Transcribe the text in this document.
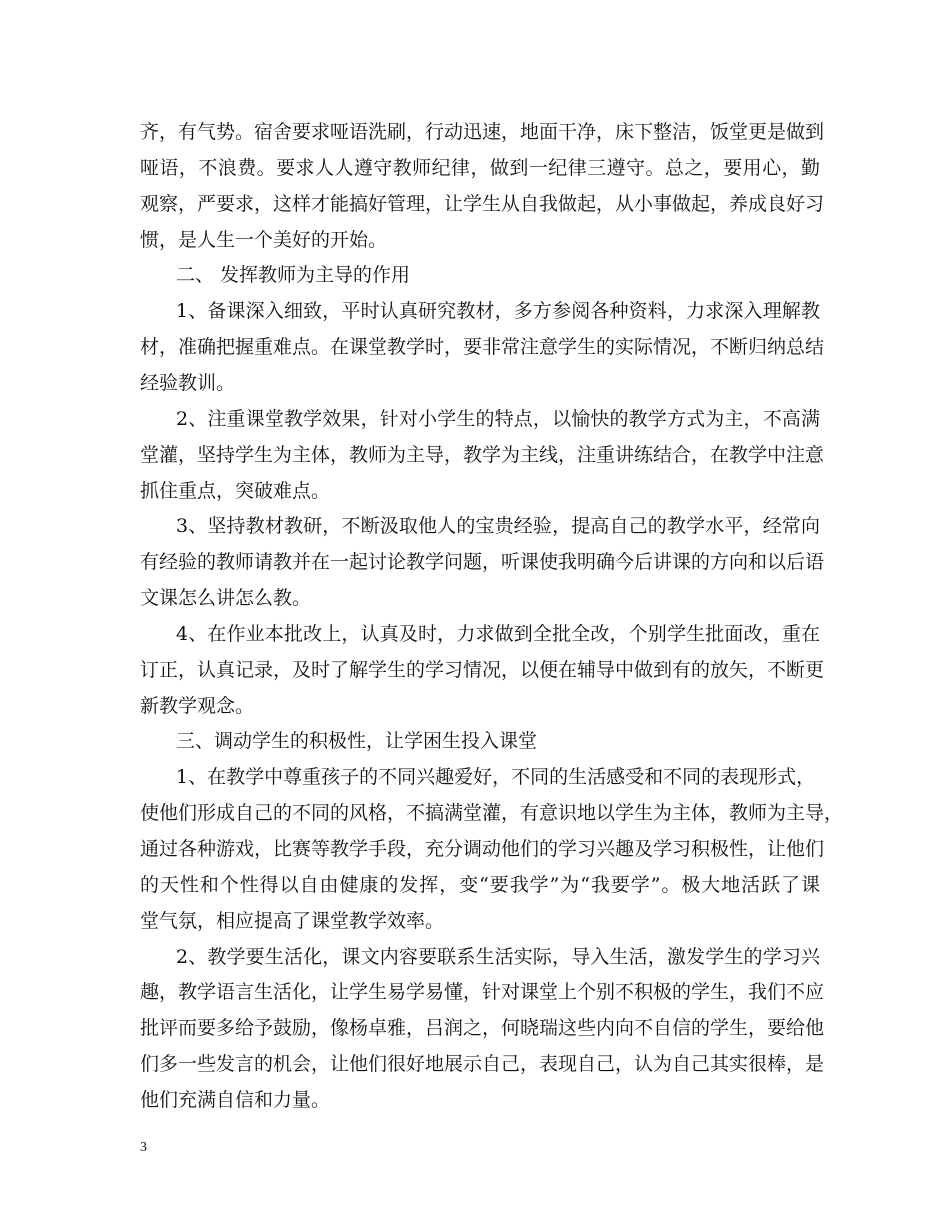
齐，有气势。宿舍要求哑语洗刷，行动迅速，地面干净，床下整洁，饭堂更是做到
哑语，不浪费。要求人人遵守教师纪律，做到一纪律三遵守。总之，要用心，勤
观察，严要求，这样才能搞好管理，让学生从自我做起，从小事做起，养成良好习
惯，是人生一个美好的开始。
二、 发挥教师为主导的作用
1、备课深入细致，平时认真研究教材，多方参阅各种资料，力求深入理解教
材，准确把握重难点。在课堂教学时，要非常注意学生的实际情况，不断归纳总结
经验教训。
2、注重课堂教学效果，针对小学生的特点，以愉快的教学方式为主，不高满
堂灌，坚持学生为主体，教师为主导，教学为主线，注重讲练结合，在教学中注意
抓住重点，突破难点。
3、坚持教材教研，不断汲取他人的宝贵经验，提高自己的教学水平，经常向
有经验的教师请教并在一起讨论教学问题，听课使我明确今后讲课的方向和以后语
文课怎么讲怎么教。
4、在作业本批改上，认真及时，力求做到全批全改，个别学生批面改，重在
订正，认真记录，及时了解学生的学习情况，以便在辅导中做到有的放矢，不断更
新教学观念。
三、调动学生的积极性，让学困生投入课堂
1、在教学中尊重孩子的不同兴趣爱好，不同的生活感受和不同的表现形式，
使他们形成自己的不同的风格，不搞满堂灌，有意识地以学生为主体，教师为主导，
通过各种游戏，比赛等教学手段，充分调动他们的学习兴趣及学习积极性，让他们
的天性和个性得以自由健康的发挥，变“要我学”为“我要学”。极大地活跃了课
堂气氛，相应提高了课堂教学效率。
2、教学要生活化，课文内容要联系生活实际，导入生活，激发学生的学习兴
趣，教学语言生活化，让学生易学易懂，针对课堂上个别不积极的学生，我们不应
批评而要多给予鼓励，像杨卓雅，吕润之，何晓瑞这些内向不自信的学生，要给他
们多一些发言的机会，让他们很好地展示自己，表现自己，认为自己其实很棒，是
他们充满自信和力量。
3
